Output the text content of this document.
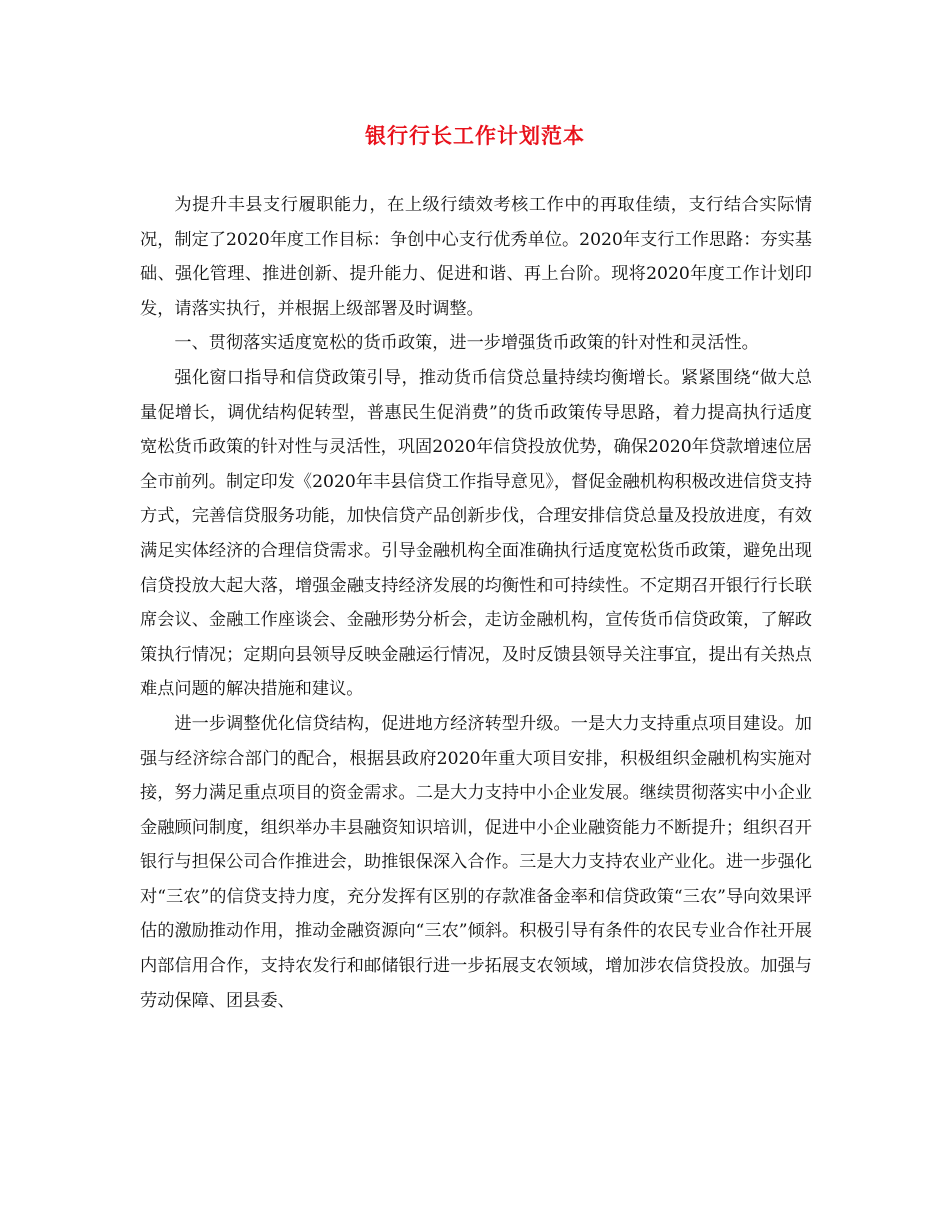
银行行长工作计划范本

为提升丰县支行履职能力，在上级行绩效考核工作中的再取佳绩，支行结合实际情况，制定了2020年度工作目标：争创中心支行优秀单位。2020年支行工作思路：夯实基础、强化管理、推进创新、提升能力、促进和谐、再上台阶。现将2020年度工作计划印发，请落实执行，并根据上级部署及时调整。

一、贯彻落实适度宽松的货币政策，进一步增强货币政策的针对性和灵活性。

强化窗口指导和信贷政策引导，推动货币信贷总量持续均衡增长。紧紧围绕“做大总量促增长，调优结构促转型，普惠民生促消费”的货币政策传导思路，着力提高执行适度宽松货币政策的针对性与灵活性，巩固2020年信贷投放优势，确保2020年贷款增速位居全市前列。制定印发《2020年丰县信贷工作指导意见》，督促金融机构积极改进信贷支持方式，完善信贷服务功能，加快信贷产品创新步伐，合理安排信贷总量及投放进度，有效满足实体经济的合理信贷需求。引导金融机构全面准确执行适度宽松货币政策，避免出现信贷投放大起大落，增强金融支持经济发展的均衡性和可持续性。不定期召开银行行长联席会议、金融工作座谈会、金融形势分析会，走访金融机构，宣传货币信贷政策，了解政策执行情况；定期向县领导反映金融运行情况，及时反馈县领导关注事宜，提出有关热点难点问题的解决措施和建议。

进一步调整优化信贷结构，促进地方经济转型升级。一是大力支持重点项目建设。加强与经济综合部门的配合，根据县政府2020年重大项目安排，积极组织金融机构实施对接，努力满足重点项目的资金需求。二是大力支持中小企业发展。继续贯彻落实中小企业金融顾问制度，组织举办丰县融资知识培训，促进中小企业融资能力不断提升；组织召开银行与担保公司合作推进会，助推银保深入合作。三是大力支持农业产业化。进一步强化对“三农”的信贷支持力度，充分发挥有区别的存款准备金率和信贷政策“三农”导向效果评估的激励推动作用，推动金融资源向“三农”倾斜。积极引导有条件的农民专业合作社开展内部信用合作，支持农发行和邮储银行进一步拓展支农领域，增加涉农信贷投放。加强与劳动保障、团县委、
